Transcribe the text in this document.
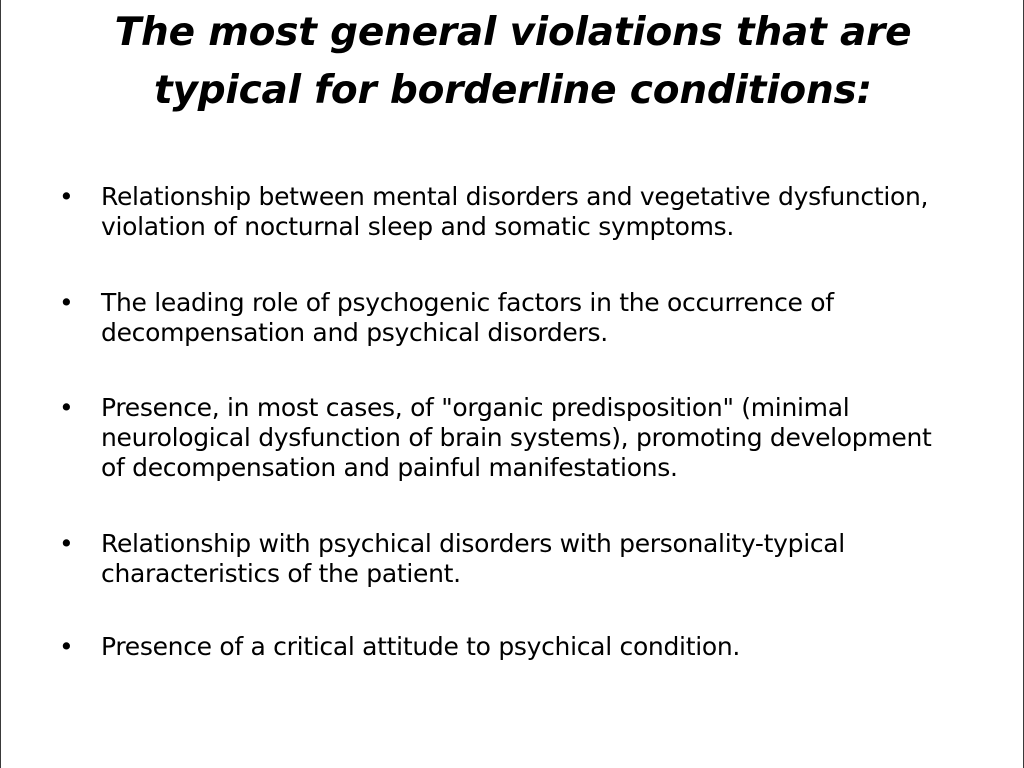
The most general violations that are
typical for borderline conditions:
• Relationship between mental disorders and vegetative dysfunction,
violation of nocturnal sleep and somatic symptoms.
• The leading role of psychogenic factors in the occurrence of
decompensation and psychical disorders.
• Presence, in most cases, of "organic predisposition" (minimal
neurological dysfunction of brain systems), promoting development
of decompensation and painful manifestations.
• Relationship with psychical disorders with personality-typical
characteristics of the patient.
• Presence of a critical attitude to psychical condition.
